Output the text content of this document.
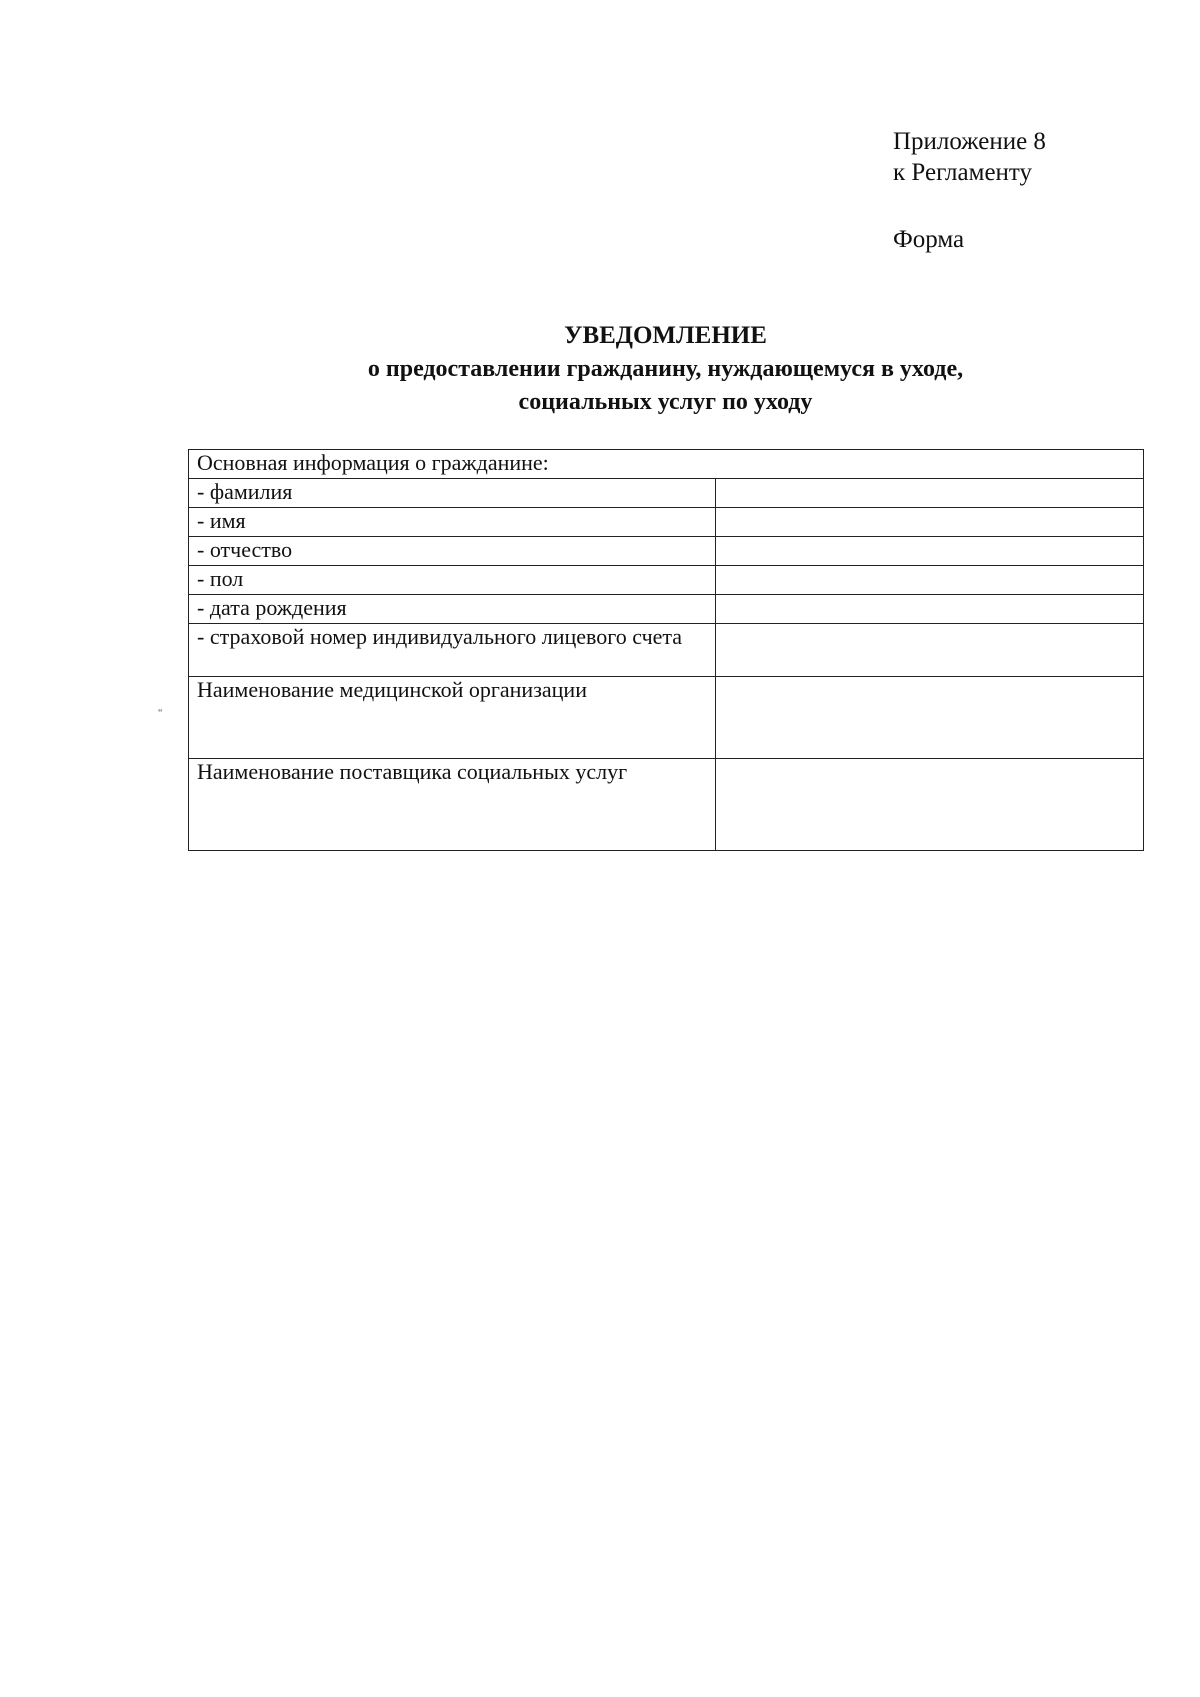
Приложение 8
к Регламенту
Форма
УВЕДОМЛЕНИЕ
о предоставлении гражданину, нуждающемуся в уходе,
социальных услуг по уходу
“
Основная информация о гражданине:	
- фамилия	
- имя	
- отчество	
- пол	
- дата рождения	
- страховой номер индивидуального лицевого счета	
Наименование медицинской организации	
Наименование поставщика социальных услуг	
